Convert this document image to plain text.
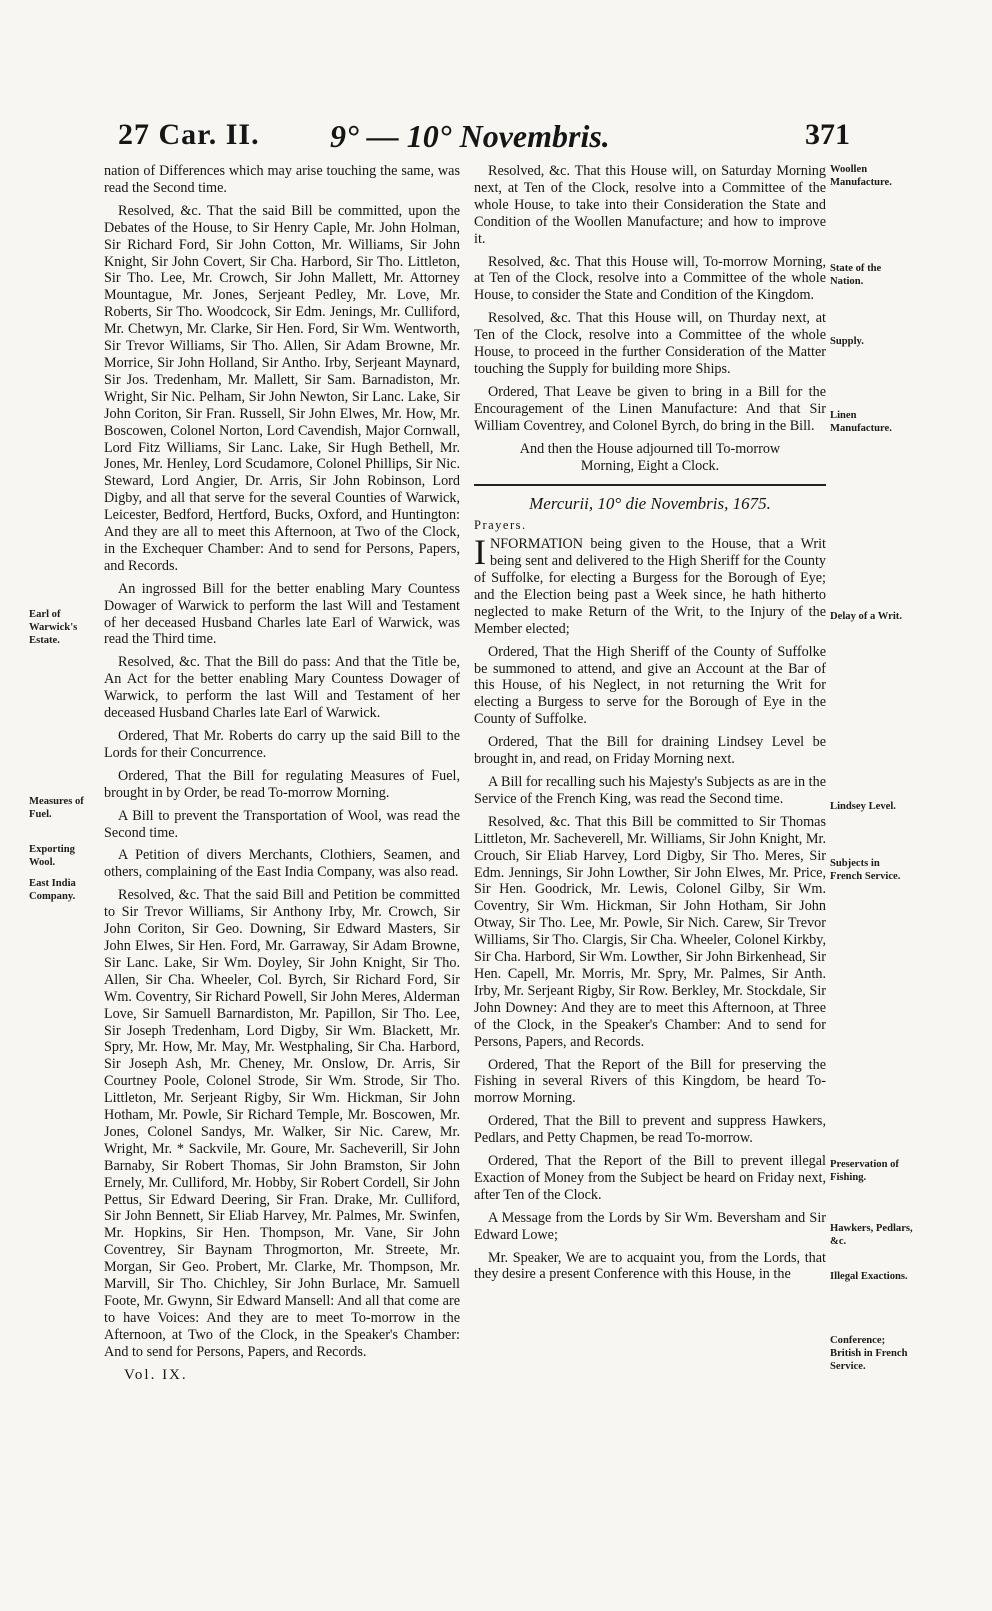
27 Car. II. 9° — 10° Novembris.	371

nation of Differences which may arise touching the same, was read the Second time.

Resolved, &c. That the said Bill be committed, upon the Debates of the House, to Sir Henry Caple, Mr. John Holman, Sir Richard Ford, Sir John Cotton, Mr. Williams, Sir John Knight, Sir John Covert, Sir Cha. Harbord, Sir Tho. Littleton, Sir Tho. Lee, Mr. Crowch, Sir John Mallett, Mr. Attorney Mountague, Mr. Jones, Serjeant Pedley, Mr. Love, Mr. Roberts, Sir Tho. Woodcock, Sir Edm. Jenings, Mr. Culliford, Mr. Chetwyn, Mr. Clarke, Sir Hen. Ford, Sir Wm. Wentworth, Sir Trevor Williams, Sir Tho. Allen, Sir Adam Browne, Mr. Morrice, Sir John Holland, Sir Antho. Irby, Serjeant Maynard, Sir Jos. Tredenham, Mr. Mallett, Sir Sam. Barnadiston, Mr. Wright, Sir Nic. Pelham, Sir John Newton, Sir Lanc. Lake, Sir John Coriton, Sir Fran. Russell, Sir John Elwes, Mr. How, Mr. Boscowen, Colonel Norton, Lord Cavendish, Major Cornwall, Lord Fitz Williams, Sir Lanc. Lake, Sir Hugh Bethell, Mr. Jones, Mr. Henley, Lord Scudamore, Colonel Phillips, Sir Nic. Steward, Lord Angier, Dr. Arris, Sir John Robinson, Lord Digby, and all that serve for the several Counties of Warwick, Leicester, Bedford, Hertford, Bucks, Oxford, and Huntington: And they are all to meet this Afternoon, at Two of the Clock, in the Exchequer Chamber: And to send for Persons, Papers, and Records.

An ingrossed Bill for the better enabling Mary Countess Dowager of Warwick to perform the last Will and Testament of her deceased Husband Charles late Earl of Warwick, was read the Third time.

Resolved, &c. That the Bill do pass: And that the Title be, An Act for the better enabling Mary Countess Dowager of Warwick, to perform the last Will and Testament of her deceased Husband Charles late Earl of Warwick.

Ordered, That Mr. Roberts do carry up the said Bill to the Lords for their Concurrence.

Ordered, That the Bill for regulating Measures of Fuel, brought in by Order, be read To-morrow Morning.

A Bill to prevent the Transportation of Wool, was read the Second time.

A Petition of divers Merchants, Clothiers, Seamen, and others, complaining of the East India Company, was also read.

Resolved, &c. That the said Bill and Petition be committed to Sir Trevor Williams, Sir Anthony Irby, Mr. Crowch, Sir John Coriton, Sir Geo. Downing, Sir Edward Masters, Sir John Elwes, Sir Hen. Ford, Mr. Garraway, Sir Adam Browne, Sir Lanc. Lake, Sir Wm. Doyley, Sir John Knight, Sir Tho. Allen, Sir Cha. Wheeler, Col. Byrch, Sir Richard Ford, Sir Wm. Coventry, Sir Richard Powell, Sir John Meres, Alderman Love, Sir Samuell Barnardiston, Mr. Papillon, Sir Tho. Lee, Sir Joseph Tredenham, Lord Digby, Sir Wm. Blackett, Mr. Spry, Mr. How, Mr. May, Mr. Westphaling, Sir Cha. Harbord, Sir Joseph Ash, Mr. Cheney, Mr. Onslow, Dr. Arris, Sir Courtney Poole, Colonel Strode, Sir Wm. Strode, Sir Tho. Littleton, Mr. Serjeant Rigby, Sir Wm. Hickman, Sir John Hotham, Mr. Powle, Sir Richard Temple, Mr. Boscowen, Mr. Jones, Colonel Sandys, Mr. Walker, Sir Nic. Carew, Mr. Wright, Mr. * Sackvile, Mr. Goure, Mr. Sacheverill, Sir John Barnaby, Sir Robert Thomas, Sir John Bramston, Sir John Ernely, Mr. Culliford, Mr. Hobby, Sir Robert Cordell, Sir John Pettus, Sir Edward Deering, Sir Fran. Drake, Mr. Culliford, Sir John Bennett, Sir Eliab Harvey, Mr. Palmes, Mr. Swinfen, Mr. Hopkins, Sir Hen. Thompson, Mr. Vane, Sir John Coventrey, Sir Baynam Throgmorton, Mr. Streete, Mr. Morgan, Sir Geo. Probert, Mr. Clarke, Mr. Thompson, Mr. Marvill, Sir Tho. Chichley, Sir John Burlace, Mr. Samuell Foote, Mr. Gwynn, Sir Edward Mansell: And all that come are to have Voices: And they are to meet To-morrow in the Afternoon, at Two of the Clock, in the Speaker's Chamber: And to send for Persons, Papers, and Records.

Vol. IX.

Resolved, &c. That this House will, on Saturday Morning next, at Ten of the Clock, resolve into a Committee of the whole House, to take into their Consideration the State and Condition of the Woollen Manufacture; and how to improve it.

Resolved, &c. That this House will, To-morrow Morning, at Ten of the Clock, resolve into a Committee of the whole House, to consider the State and Condition of the Kingdom.

Resolved, &c. That this House will, on Thurday next, at Ten of the Clock, resolve into a Committee of the whole House, to proceed in the further Consideration of the Matter touching the Supply for building more Ships.

Ordered, That Leave be given to bring in a Bill for the Encouragement of the Linen Manufacture: And that Sir William Coventrey, and Colonel Byrch, do bring in the Bill.

And then the House adjourned till To-morrow Morning, Eight a Clock.

Mercurii, 10° die Novembris, 1675.
Prayers.

INFORMATION being given to the House, that a Writ being sent and delivered to the High Sheriff for the County of Suffolke, for electing a Burgess for the Borough of Eye; and the Election being past a Week since, he hath hitherto neglected to make Return of the Writ, to the Injury of the Member elected;

Ordered, That the High Sheriff of the County of Suffolke be summoned to attend, and give an Account at the Bar of this House, of his Neglect, in not returning the Writ for electing a Burgess to serve for the Borough of Eye in the County of Suffolke.

Ordered, That the Bill for draining Lindsey Level be brought in, and read, on Friday Morning next.

A Bill for recalling such his Majesty's Subjects as are in the Service of the French King, was read the Second time.

Resolved, &c. That this Bill be committed to Sir Thomas Littleton, Mr. Sacheverell, Mr. Williams, Sir John Knight, Mr. Crouch, Sir Eliab Harvey, Lord Digby, Sir Tho. Meres, Sir Edm. Jennings, Sir John Lowther, Sir John Elwes, Mr. Price, Sir Hen. Goodrick, Mr. Lewis, Colonel Gilby, Sir Wm. Coventry, Sir Wm. Hickman, Sir John Hotham, Sir John Otway, Sir Tho. Lee, Mr. Powle, Sir Nich. Carew, Sir Trevor Williams, Sir Tho. Clargis, Sir Cha. Wheeler, Colonel Kirkby, Sir Cha. Harbord, Sir Wm. Lowther, Sir John Birkenhead, Sir Hen. Capell, Mr. Morris, Mr. Spry, Mr. Palmes, Sir Anth. Irby, Mr. Serjeant Rigby, Sir Row. Berkley, Mr. Stockdale, Sir John Downey: And they are to meet this Afternoon, at Three of the Clock, in the Speaker's Chamber: And to send for Persons, Papers, and Records.

Ordered, That the Report of the Bill for preserving the Fishing in several Rivers of this Kingdom, be heard To-morrow Morning.

Ordered, That the Bill to prevent and suppress Hawkers, Pedlars, and Petty Chapmen, be read To-morrow.

Ordered, That the Report of the Bill to prevent illegal Exaction of Money from the Subject be heard on Friday next, after Ten of the Clock.

A Message from the Lords by Sir Wm. Beversham and Sir Edward Lowe;

Mr. Speaker, We are to acquaint you, from the Lords, that they desire a present Conference with this House, in the

Earl of Warwick's Estate.
Measures of Fuel.
Exporting Wool.
East India Company.
Woollen Manufacture.
State of the Nation.
Supply.
Linen Manufacture.
Delay of a Writ.
Lindsey Level.
Subjects in French Service.
Preservation of Fishing.
Hawkers, Pedlars, &c.
Illegal Exactions.
Conference; British in French Service.
